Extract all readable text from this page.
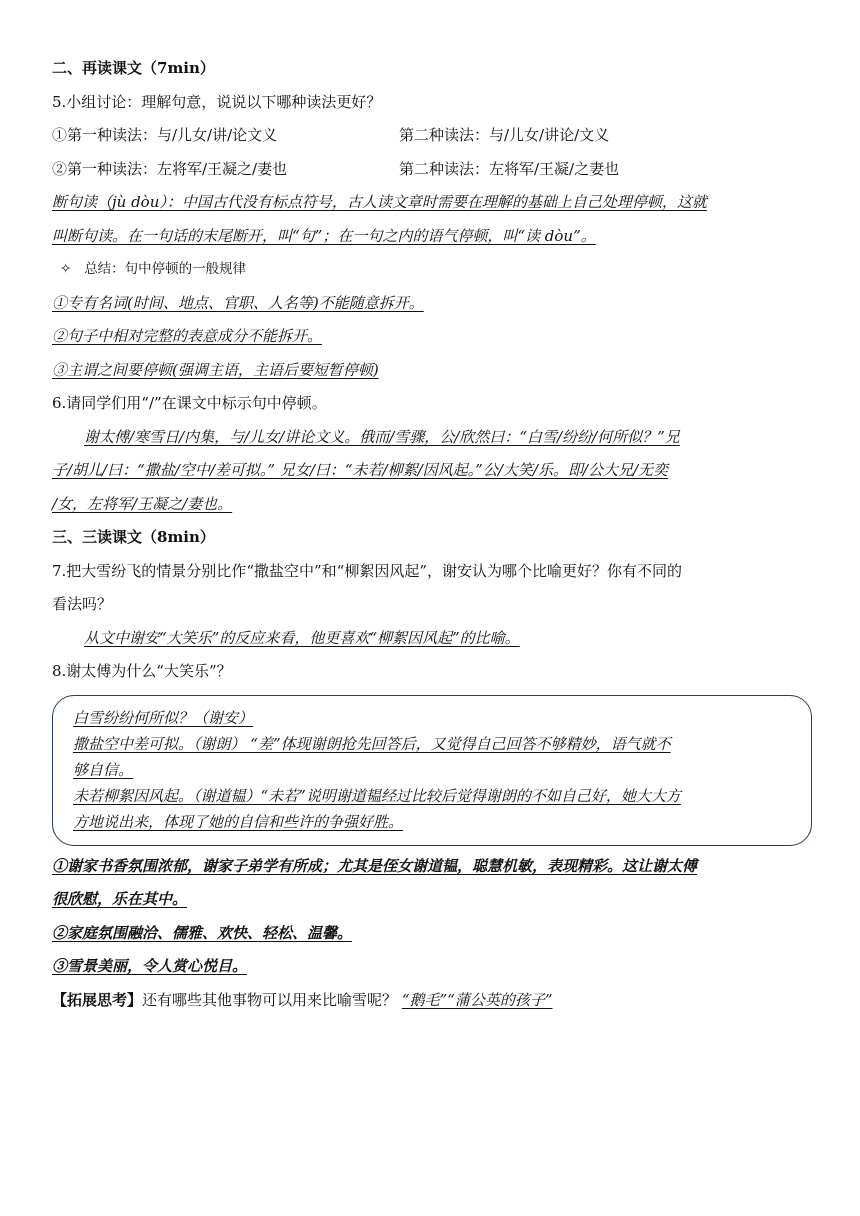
二、再读课文（7min）
5.小组讨论：理解句意，说说以下哪种读法更好？
①第一种读法：与/儿女/讲/论文义	第二种读法：与/儿女/讲论/文义
②第一种读法：左将军/王凝之/妻也	第二种读法：左将军/王凝/之妻也
断句读（jù dòu）：中国古代没有标点符号，古人读文章时需要在理解的基础上自己处理停顿，这就
叫断句读。在一句话的末尾断开，叫“句”；在一句之内的语气停顿，叫“读 dòu”。
✧ 总结：句中停顿的一般规律
①专有名词(时间、地点、官职、人名等)不能随意拆开。
②句子中相对完整的表意成分不能拆开。
③主谓之间要停顿(强调主语，主语后要短暂停顿)
6.请同学们用“/”在课文中标示句中停顿。
谢太傅/寒雪日/内集，与/儿女/讲论文义。俄而/雪骤，公/欣然曰：“白雪/纷纷/何所似？”兄
子/胡儿/曰：“撒盐/空中/差可拟。” 兄女/曰：“未若/柳絮/因风起。”公/大笑/乐。即/公大兄/无奕
/女，左将军/王凝之/妻也。
三、三读课文（8min）
7.把大雪纷飞的情景分别比作“撒盐空中”和“柳絮因风起”，谢安认为哪个比喻更好？你有不同的
看法吗？
从文中谢安“大笑乐”的反应来看，他更喜欢“柳絮因风起”的比喻。
8.谢太傅为什么“大笑乐”？
白雪纷纷何所似？（谢安）
撒盐空中差可拟。（谢朗） “差”体现谢朗抢先回答后，又觉得自己回答不够精妙，语气就不
够自信。
未若柳絮因风起。（谢道韫）“未若”说明谢道韫经过比较后觉得谢朗的不如自己好，她大大方
方地说出来，体现了她的自信和些许的争强好胜。
①谢家书香氛围浓郁，谢家子弟学有所成；尤其是侄女谢道韫，聪慧机敏，表现精彩。这让谢太傅
很欣慰，乐在其中。
②家庭氛围融洽、儒雅、欢快、轻松、温馨。
③雪景美丽，令人赏心悦目。
【拓展思考】还有哪些其他事物可以用来比喻雪呢？ “鹅毛”“蒲公英的孩子”
